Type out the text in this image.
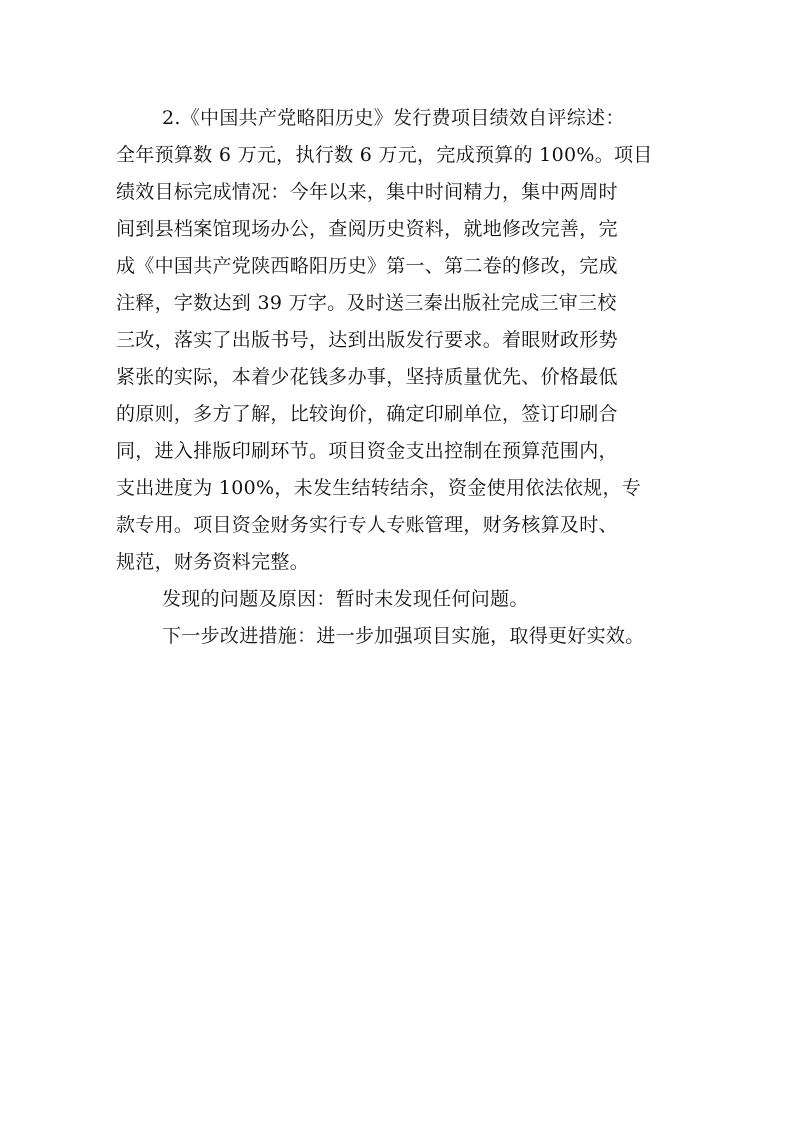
2.《中国共产党略阳历史》发行费项目绩效自评综述：
全年预算数 6 万元，执行数 6 万元，完成预算的 100%。项目
绩效目标完成情况：今年以来，集中时间精力，集中两周时
间到县档案馆现场办公，查阅历史资料，就地修改完善，完
成《中国共产党陕西略阳历史》第一、第二卷的修改，完成
注释，字数达到 39 万字。及时送三秦出版社完成三审三校
三改，落实了出版书号，达到出版发行要求。着眼财政形势
紧张的实际，本着少花钱多办事，坚持质量优先、价格最低
的原则，多方了解，比较询价，确定印刷单位，签订印刷合
同，进入排版印刷环节。项目资金支出控制在预算范围内，
支出进度为 100%，未发生结转结余，资金使用依法依规，专
款专用。项目资金财务实行专人专账管理，财务核算及时、
规范，财务资料完整。
发现的问题及原因：暂时未发现任何问题。
下一步改进措施：进一步加强项目实施，取得更好实效。
